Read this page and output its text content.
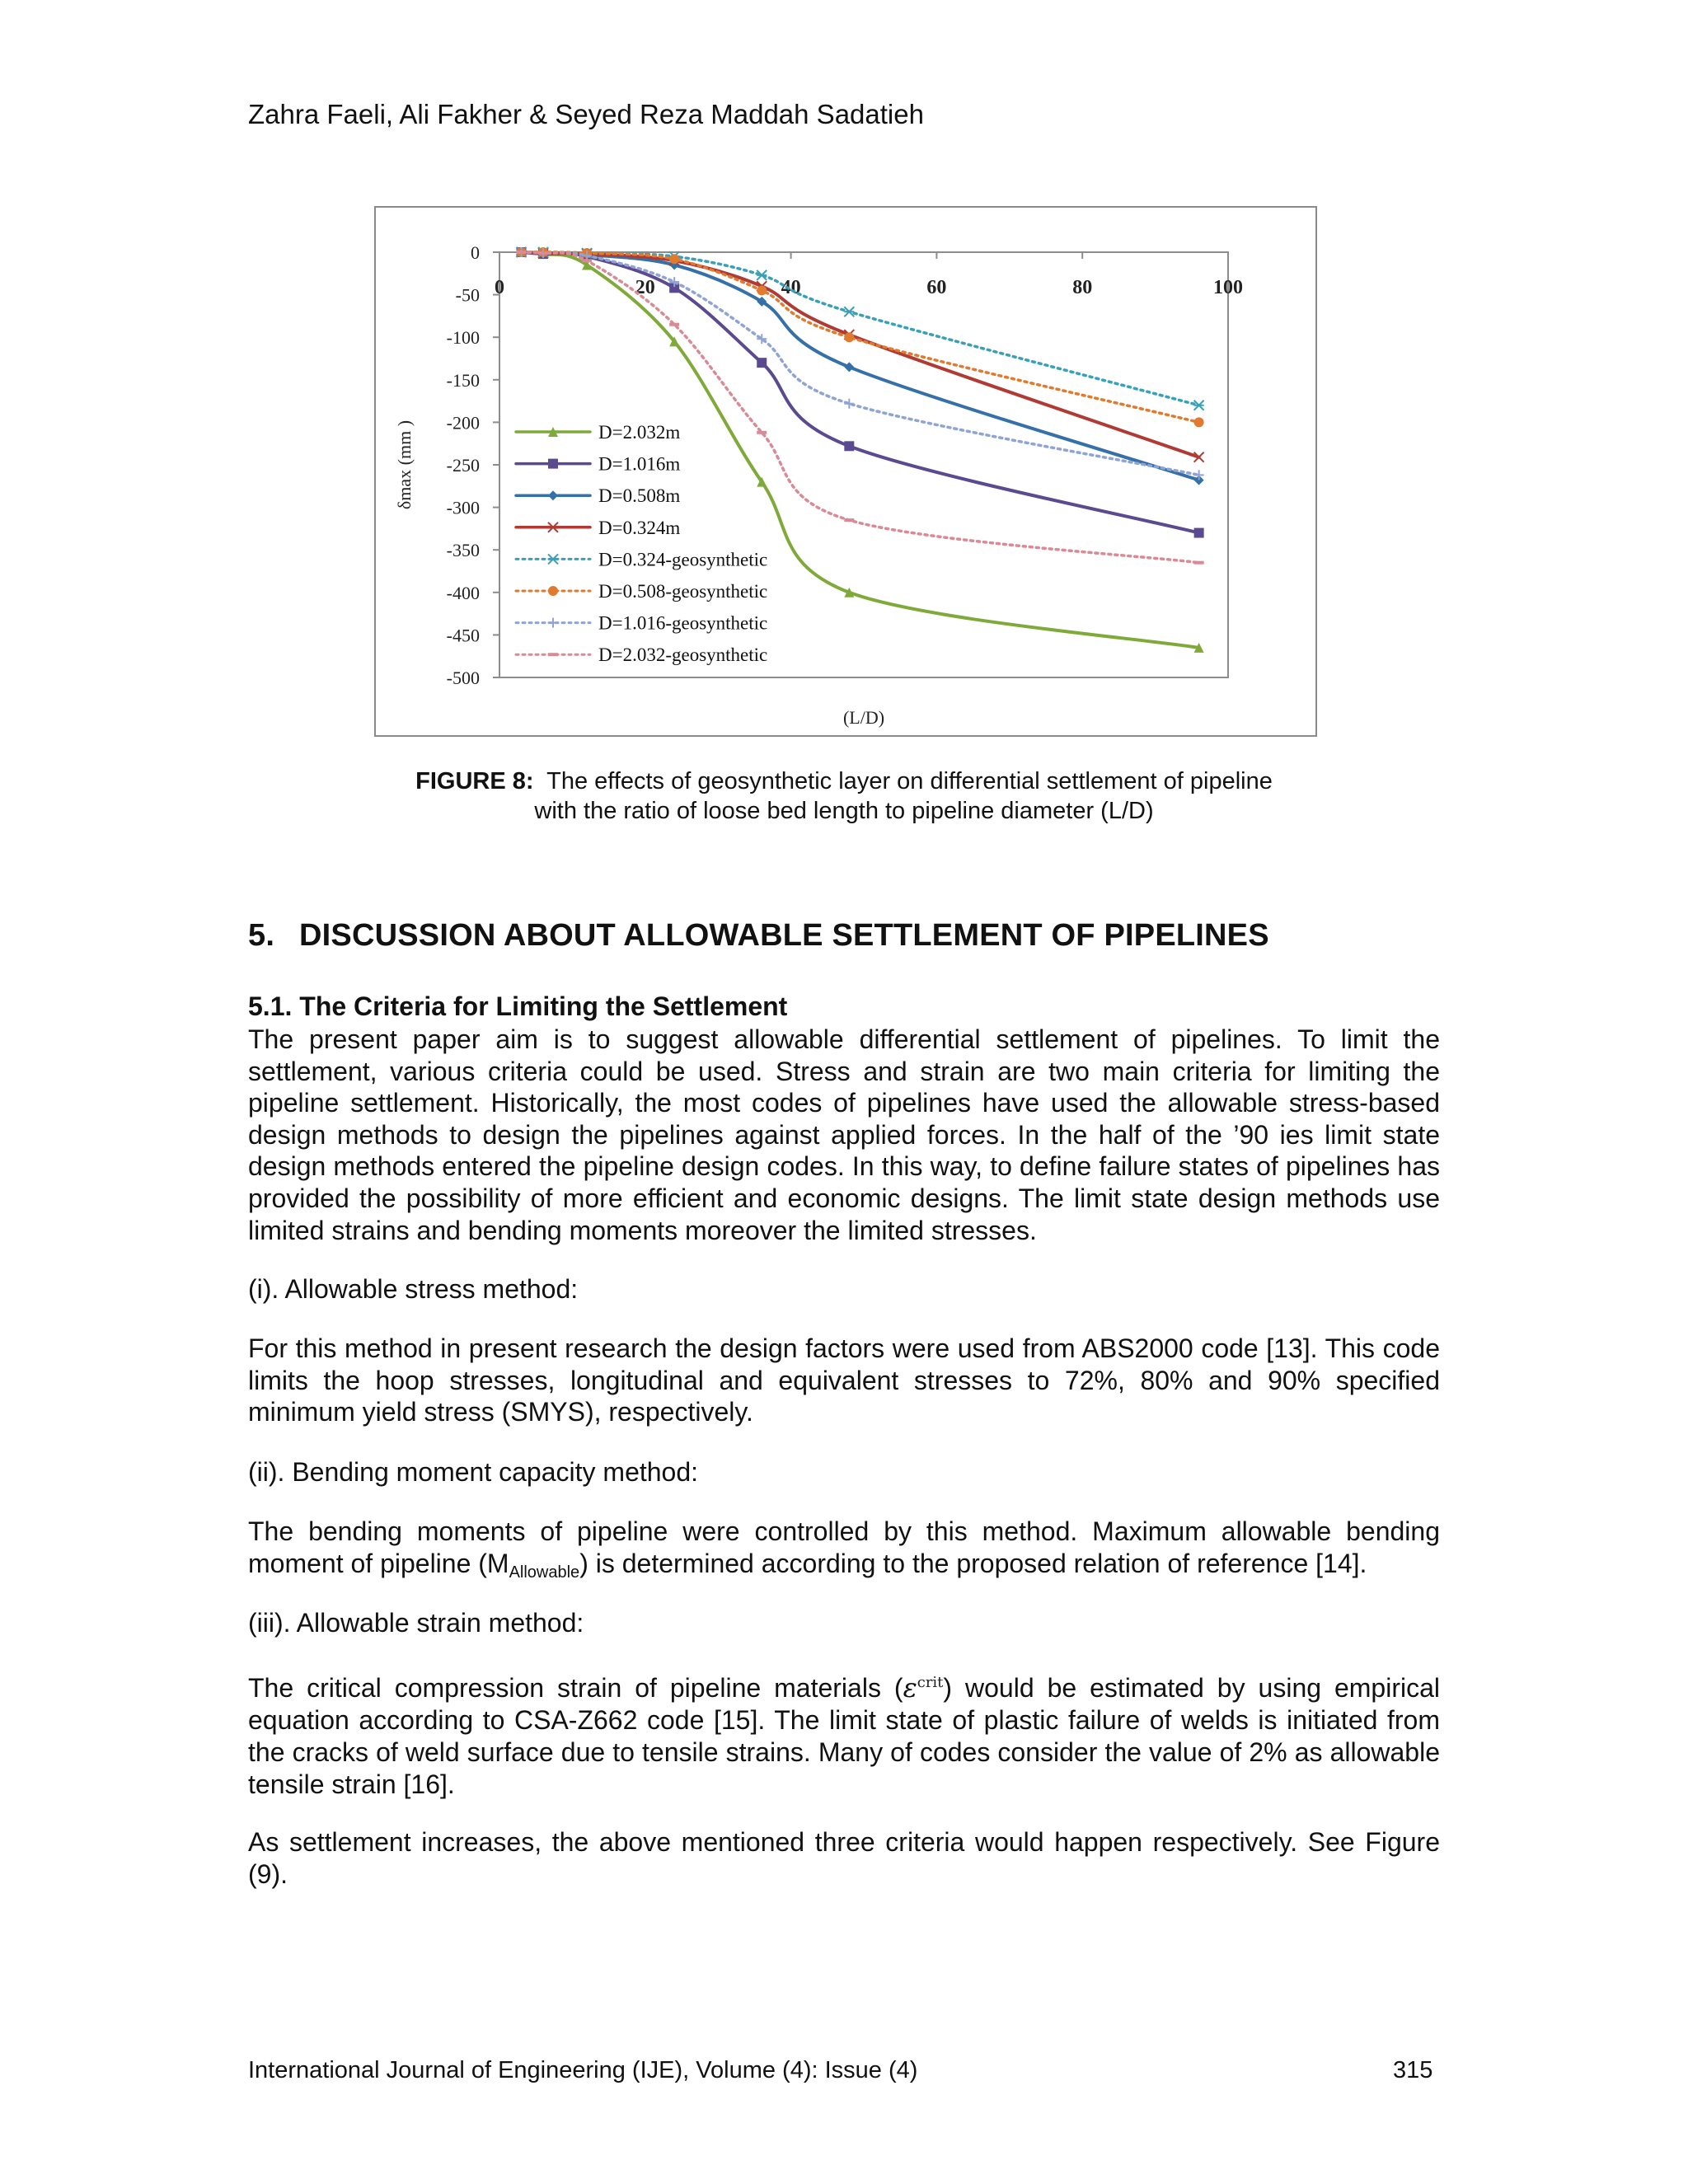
Zahra Faeli, Ali Fakher & Seyed Reza Maddah Sadatieh
0	20	40	60	80	100
0
-50
-100
-150
-200
-250
-300
-350
-400
-450
-500
(L/D)
δmax (mm )	D=2.032m
D=1.016m
D=0.508m
D=0.324m
D=0.324-geosynthetic
D=0.508-geosynthetic
D=1.016-geosynthetic
D=2.032-geosynthetic
FIGURE 8: The effects of geosynthetic layer on differential settlement of pipeline
with the ratio of loose bed length to pipeline diameter (L/D)
5. DISCUSSION ABOUT ALLOWABLE SETTLEMENT OF PIPELINES
5.1. The Criteria for Limiting the Settlement
The present paper aim is to suggest allowable differential settlement of pipelines. To limit the settlement, various criteria could be used. Stress and strain are two main criteria for limiting the pipeline settlement. Historically, the most codes of pipelines have used the allowable stress-based design methods to design the pipelines against applied forces. In the half of the ’90 ies limit state design methods entered the pipeline design codes. In this way, to define failure states of pipelines has provided the possibility of more efficient and economic designs. The limit state design methods use limited strains and bending moments moreover the limited stresses.
(i). Allowable stress method:
For this method in present research the design factors were used from ABS2000 code [13]. This code limits the hoop stresses, longitudinal and equivalent stresses to 72%, 80% and 90% specified minimum yield stress (SMYS), respectively.
(ii). Bending moment capacity method:
The bending moments of pipeline were controlled by this method. Maximum allowable bending moment of pipeline $(M_{Allowable})$ is determined according to the proposed relation of reference [14].
(iii). Allowable strain method:
The critical compression strain of pipeline materials $(\varepsilon^{crit})$ would be estimated by using empirical equation according to CSA-Z662 code [15]. The limit state of plastic failure of welds is initiated from the cracks of weld surface due to tensile strains. Many of codes consider the value of 2% as allowable tensile strain [16].
As settlement increases, the above mentioned three criteria would happen respectively. See Figure (9).
International Journal of Engineering (IJE), Volume (4): Issue (4)	315
